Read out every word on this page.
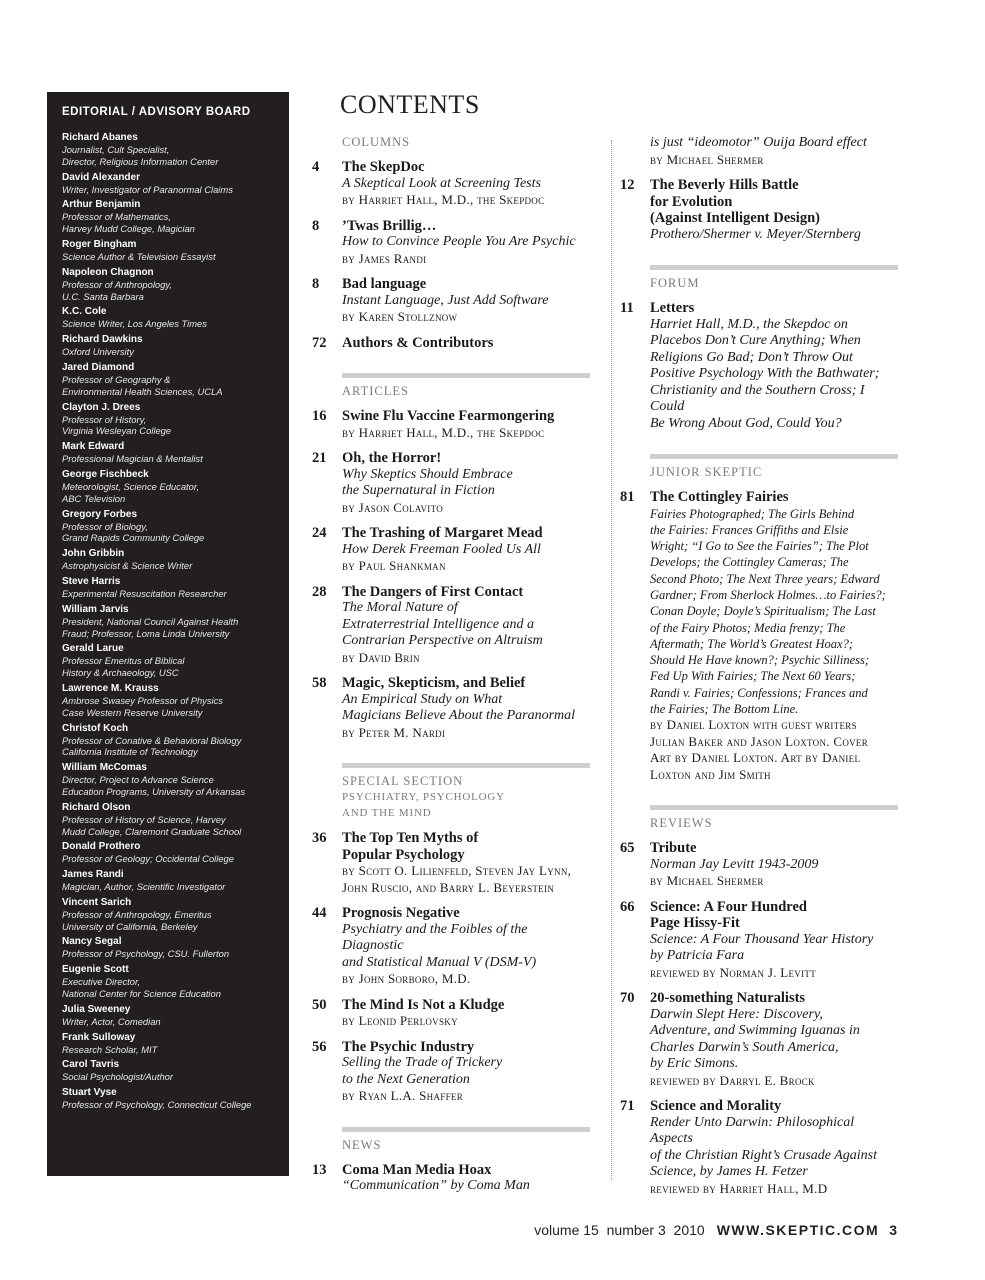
EDITORIAL / ADVISORY BOARD
Richard Abanes
Journalist, Cult Specialist,
Director, Religious Information Center
David Alexander
Writer, Investigator of Paranormal Claims
Arthur Benjamin
Professor of Mathematics,
Harvey Mudd College, Magician
Roger Bingham
Science Author & Television Essayist
Napoleon Chagnon
Professor of Anthropology,
U.C. Santa Barbara
K.C. Cole
Science Writer, Los Angeles Times
Richard Dawkins
Oxford University
Jared Diamond
Professor of Geography &
Environmental Health Sciences, UCLA
Clayton J. Drees
Professor of History,
Virginia Wesleyan College
Mark Edward
Professional Magician & Mentalist
George Fischbeck
Meteorologist, Science Educator,
ABC Television
Gregory Forbes
Professor of Biology,
Grand Rapids Community College
John Gribbin
Astrophysicist & Science Writer
Steve Harris
Experimental Resuscitation Researcher
William Jarvis
President, National Council Against Health
Fraud; Professor, Loma Linda University
Gerald Larue
Professor Emeritus of Biblical
History & Archaeology, USC
Lawrence M. Krauss
Ambrose Swasey Professor of Physics
Case Western Reserve University
Christof Koch
Professor of Conative & Behavioral Biology
California Institute of Technology
William McComas
Director, Project to Advance Science
Education Programs, University of Arkansas
Richard Olson
Professor of History of Science, Harvey
Mudd College, Claremont Graduate School
Donald Prothero
Professor of Geology; Occidental College
James Randi
Magician, Author, Scientific Investigator
Vincent Sarich
Professor of Anthropology, Emeritus
University of California, Berkeley
Nancy Segal
Professor of Psychology, CSU. Fullerton
Eugenie Scott
Executive Director,
National Center for Science Education
Julia Sweeney
Writer, Actor, Comedian
Frank Sulloway
Research Scholar, MIT
Carol Tavris
Social Psychologist/Author
Stuart Vyse
Professor of Psychology, Connecticut College
CONTENTS
COLUMNS
4 The SkepDoc
A Skeptical Look at Screening Tests
by Harriet Hall, M.D., the Skepdoc
8 ’Twas Brillig…
How to Convince People You Are Psychic
by James Randi
8 Bad language
Instant Language, Just Add Software
by Karen Stollznow
72 Authors & Contributors
ARTICLES
16 Swine Flu Vaccine Fearmongering
by Harriet Hall, M.D., the Skepdoc
21 Oh, the Horror!
Why Skeptics Should Embrace
the Supernatural in Fiction
by Jason Colavito
24 The Trashing of Margaret Mead
How Derek Freeman Fooled Us All
by Paul Shankman
28 The Dangers of First Contact
The Moral Nature of
Extraterrestrial Intelligence and a
Contrarian Perspective on Altruism
by David Brin
58 Magic, Skepticism, and Belief
An Empirical Study on What
Magicians Believe About the Paranormal
by Peter M. Nardi
SPECIAL SECTION
PSYCHIATRY, PSYCHOLOGY
AND THE MIND
36 The Top Ten Myths of
Popular Psychology
by Scott O. Lilienfeld, Steven Jay Lynn,
John Ruscio, and Barry L. Beyerstein
44 Prognosis Negative
Psychiatry and the Foibles of the Diagnostic
and Statistical Manual V (DSM-V)
by John Sorboro, M.D.
50 The Mind Is Not a Kludge
by Leonid Perlovsky
56 The Psychic Industry
Selling the Trade of Trickery
to the Next Generation
by Ryan L.A. Shaffer
NEWS
13 Coma Man Media Hoax
“Communication” by Coma Man
is just “ideomotor” Ouija Board effect
by Michael Shermer
12 The Beverly Hills Battle
for Evolution
(Against Intelligent Design)
Prothero/Shermer v. Meyer/Sternberg
FORUM
11 Letters
Harriet Hall, M.D., the Skepdoc on
Placebos Don’t Cure Anything; When
Religions Go Bad; Don’t Throw Out
Positive Psychology With the Bathwater;
Christianity and the Southern Cross; I Could
Be Wrong About God, Could You?
JUNIOR SKEPTIC
81 The Cottingley Fairies
Fairies Photographed; The Girls Behind
the Fairies: Frances Griffiths and Elsie
Wright; “I Go to See the Fairies”; The Plot
Develops; the Cottingley Cameras; The
Second Photo; The Next Three years; Edward
Gardner; From Sherlock Holmes…to Fairies?;
Conan Doyle; Doyle’s Spiritualism; The Last
of the Fairy Photos; Media frenzy; The
Aftermath; The World’s Greatest Hoax?;
Should He Have known?; Psychic Silliness;
Fed Up With Fairies; The Next 60 Years;
Randi v. Fairies; Confessions; Frances and
the Fairies; The Bottom Line.
by Daniel Loxton with guest writers
Julian Baker and Jason Loxton. Cover
Art by Daniel Loxton. Art by Daniel
Loxton and Jim Smith
REVIEWS
65 Tribute
Norman Jay Levitt 1943-2009
by Michael Shermer
66 Science: A Four Hundred
Page Hissy-Fit
Science: A Four Thousand Year History
by Patricia Fara
reviewed by Norman J. Levitt
70 20-something Naturalists
Darwin Slept Here: Discovery,
Adventure, and Swimming Iguanas in
Charles Darwin’s South America,
by Eric Simons.
reviewed by Darryl E. Brock
71 Science and Morality
Render Unto Darwin: Philosophical Aspects
of the Christian Right’s Crusade Against
Science, by James H. Fetzer
reviewed by Harriet Hall, M.D
volume 15  number 3  2010 WWW.SKEPTIC.COM 3
